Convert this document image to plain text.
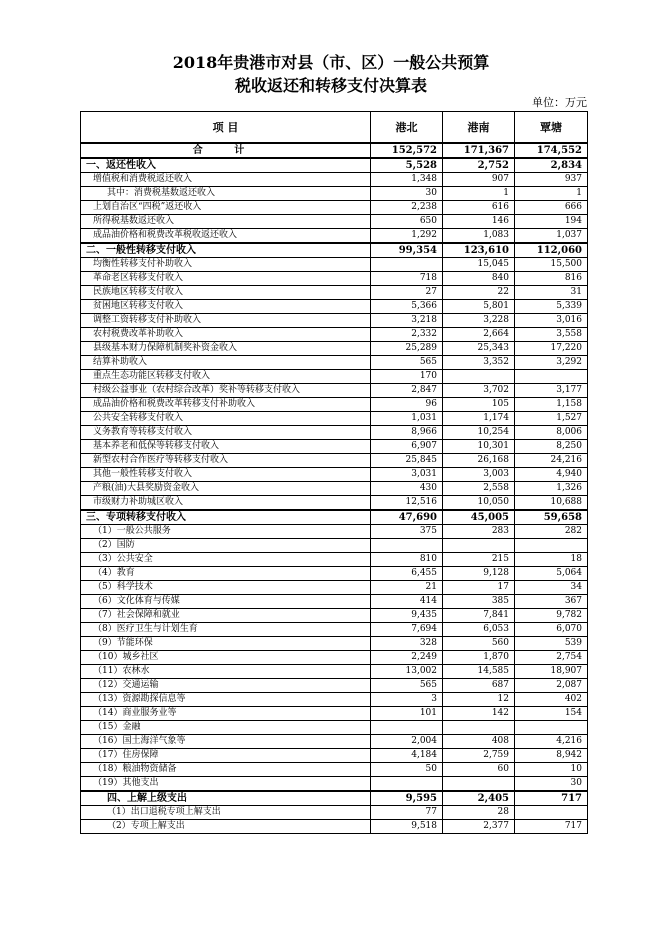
2018年贵港市对县（市、区）一般公共预算
税收返还和转移支付决算表
单位：万元
项 目	港北	港南	覃塘
合 计	152,572	171,367	174,552
一、返还性收入	5,528	2,752	2,834
增值税和消费税返还收入	1,348	907	937
其中：消费税基数返还收入	30	1	1
上划自治区“四税”返还收入	2,238	616	666
所得税基数返还收入	650	146	194
成品油价格和税费改革税收返还收入	1,292	1,083	1,037
二、一般性转移支付收入	99,354	123,610	112,060
均衡性转移支付补助收入		15,045	15,500
革命老区转移支付收入	718	840	816
民族地区转移支付收入	27	22	31
贫困地区转移支付收入	5,366	5,801	5,339
调整工资转移支付补助收入	3,218	3,228	3,016
农村税费改革补助收入	2,332	2,664	3,558
县级基本财力保障机制奖补资金收入	25,289	25,343	17,220
结算补助收入	565	3,352	3,292
重点生态功能区转移支付收入	170		
村级公益事业（农村综合改革）奖补等转移支付收入	2,847	3,702	3,177
成品油价格和税费改革转移支付补助收入	96	105	1,158
公共安全转移支付收入	1,031	1,174	1,527
义务教育等转移支付收入	8,966	10,254	8,006
基本养老和低保等转移支付收入	6,907	10,301	8,250
新型农村合作医疗等转移支付收入	25,845	26,168	24,216
其他一般性转移支付收入	3,031	3,003	4,940
产粮(油)大县奖励资金收入	430	2,558	1,326
市级财力补助城区收入	12,516	10,050	10,688
三、专项转移支付收入	47,690	45,005	59,658
（1）一般公共服务	375	283	282
（2）国防			
（3）公共安全	810	215	18
（4）教育	6,455	9,128	5,064
（5）科学技术	21	17	34
（6）文化体育与传媒	414	385	367
（7）社会保障和就业	9,435	7,841	9,782
（8）医疗卫生与计划生育	7,694	6,053	6,070
（9）节能环保	328	560	539
（10）城乡社区	2,249	1,870	2,754
（11）农林水	13,002	14,585	18,907
（12）交通运输	565	687	2,087
（13）资源勘探信息等	3	12	402
（14）商业服务业等	101	142	154
（15）金融			
（16）国土海洋气象等	2,004	408	4,216
（17）住房保障	4,184	2,759	8,942
（18）粮油物资储备	50	60	10
（19）其他支出			30
四、上解上级支出	9,595	2,405	717
（1）出口退税专项上解支出	77	28	
（2）专项上解支出	9,518	2,377	717
